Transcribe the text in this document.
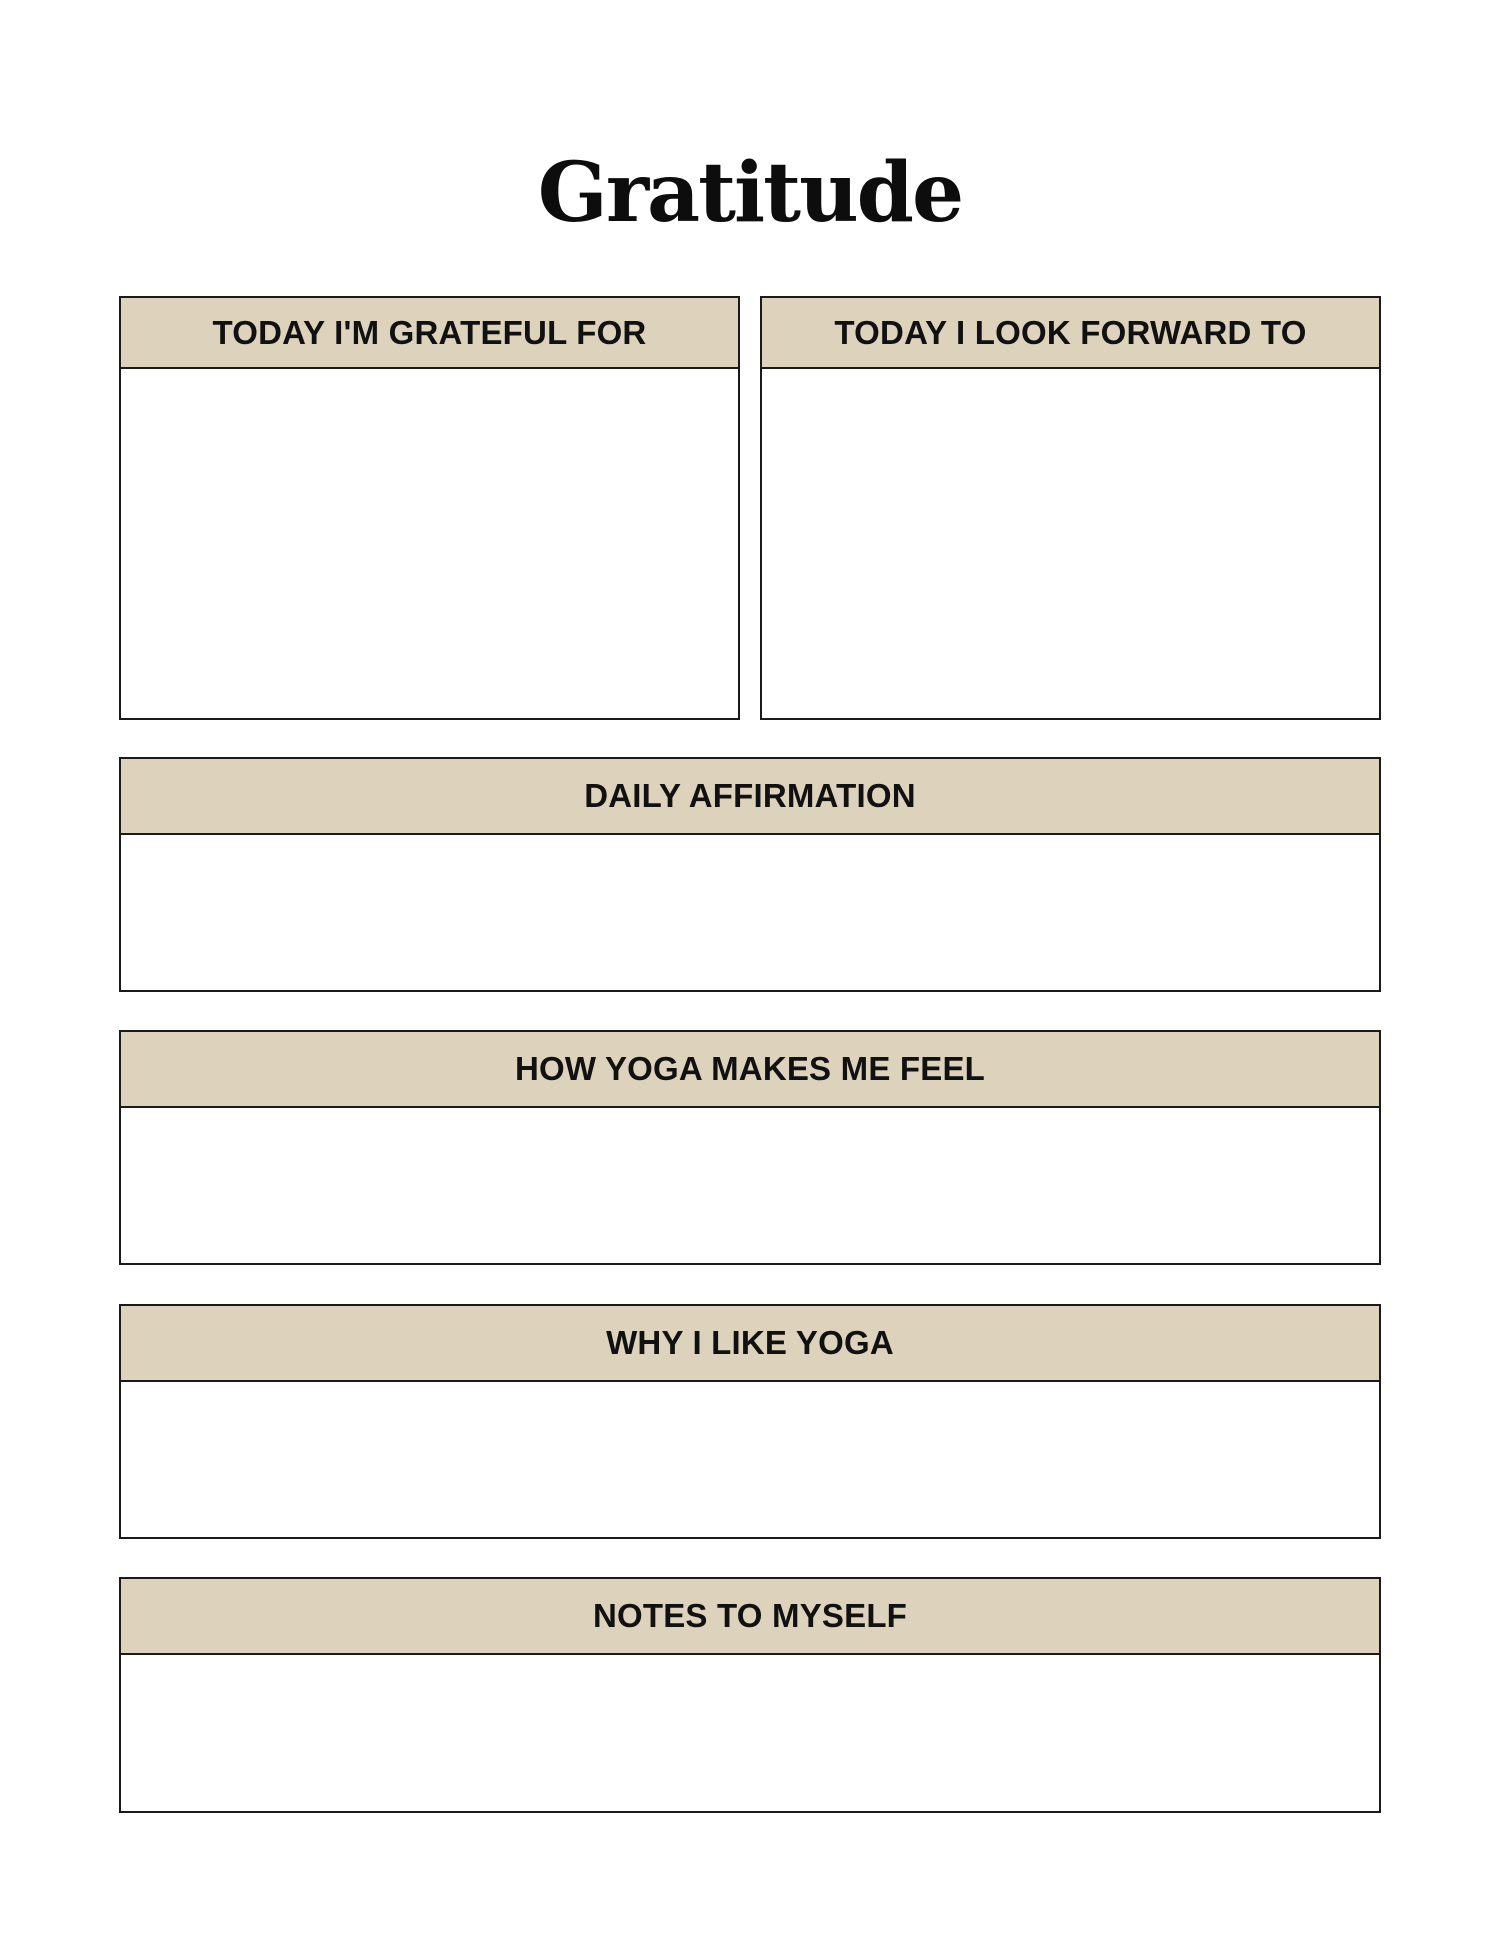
Gratitude
TODAY I'M GRATEFUL FOR	TODAY I LOOK FORWARD TO
DAILY AFFIRMATION
HOW YOGA MAKES ME FEEL
WHY I LIKE YOGA
NOTES TO MYSELF
